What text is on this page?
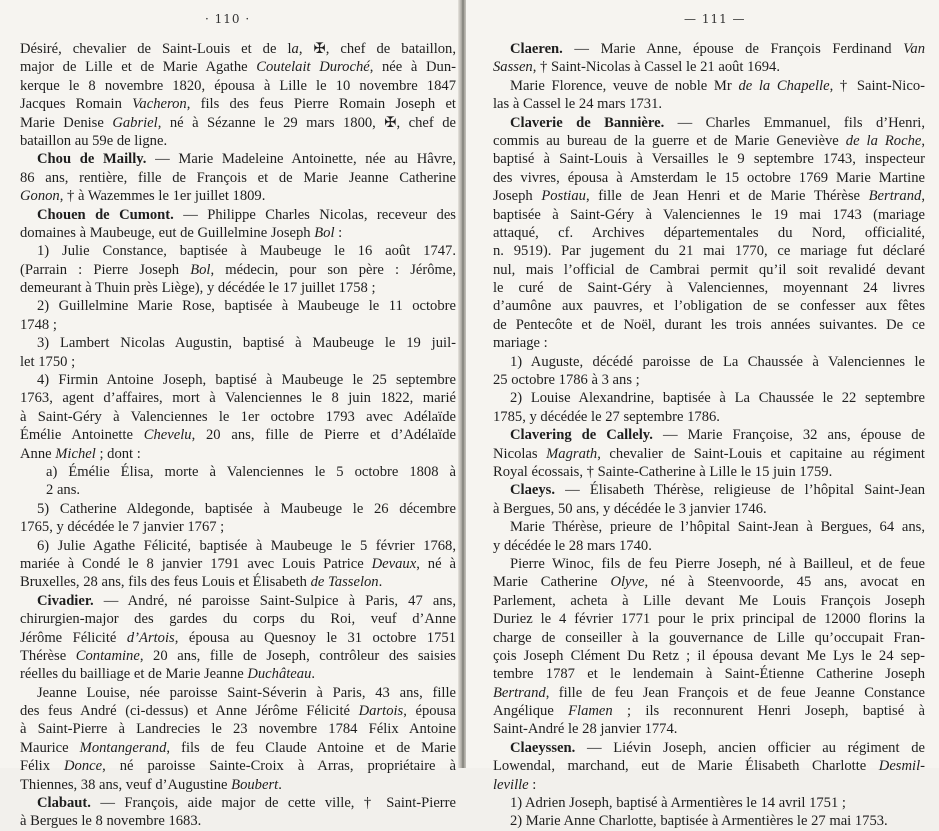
· 110 ·
Désiré, chevalier de Saint-Louis et de la, ✠, chef de bataillon,
major de Lille et de Marie Agathe Coutelait Duroché, née à Dun-
kerque le 8 novembre 1820, épousa à Lille le 10 novembre 1847
Jacques Romain Vacheron, fils des feus Pierre Romain Joseph et
Marie Denise Gabriel, né à Sézanne le 29 mars 1800, ✠, chef de
bataillon au 59e de ligne.
Chou de Mailly. — Marie Madeleine Antoinette, née au Hâvre,
86 ans, rentière, fille de François et de Marie Jeanne Catherine
Gonon, † à Wazemmes le 1er juillet 1809.
Chouen de Cumont. — Philippe Charles Nicolas, receveur des
domaines à Maubeuge, eut de Guillelmine Joseph Bol :
1) Julie Constance, baptisée à Maubeuge le 16 août 1747.
(Parrain : Pierre Joseph Bol, médecin, pour son père : Jérôme,
demeurant à Thuin près Liège), y décédée le 17 juillet 1758 ;
2) Guillelmine Marie Rose, baptisée à Maubeuge le 11 octobre
1748 ;
3) Lambert Nicolas Augustin, baptisé à Maubeuge le 19 juil-
let 1750 ;
4) Firmin Antoine Joseph, baptisé à Maubeuge le 25 septembre
1763, agent d’affaires, mort à Valenciennes le 8 juin 1822, marié
à Saint-Géry à Valenciennes le 1er octobre 1793 avec Adélaïde
Émélie Antoinette Chevelu, 20 ans, fille de Pierre et d’Adélaïde
Anne Michel ; dont :
a) Émélie Élisa, morte à Valenciennes le 5 octobre 1808 à
2 ans.
5) Catherine Aldegonde, baptisée à Maubeuge le 26 décembre
1765, y décédée le 7 janvier 1767 ;
6) Julie Agathe Félicité, baptisée à Maubeuge le 5 février 1768,
mariée à Condé le 8 janvier 1791 avec Louis Patrice Devaux, né à
Bruxelles, 28 ans, fils des feus Louis et Élisabeth de Tasselon.
Civadier. — André, né paroisse Saint-Sulpice à Paris, 47 ans,
chirurgien-major des gardes du corps du Roi, veuf d’Anne
Jérôme Félicité d’Artois, épousa au Quesnoy le 31 octobre 1751
Thérèse Contamine, 20 ans, fille de Joseph, contrôleur des saisies
réelles du bailliage et de Marie Jeanne Duchâteau.
Jeanne Louise, née paroisse Saint-Séverin à Paris, 43 ans, fille
des feus André (ci-dessus) et Anne Jérôme Félicité Dartois, épousa
à Saint-Pierre à Landrecies le 23 novembre 1784 Félix Antoine
Maurice Montangerand, fils de feu Claude Antoine et de Marie
Félix Donce, né paroisse Sainte-Croix à Arras, propriétaire à
Thiennes, 38 ans, veuf d’Augustine Boubert.
Clabaut. — François, aide major de cette ville, † Saint-Pierre
à Bergues le 8 novembre 1683.
— 111 —
Claeren. — Marie Anne, épouse de François Ferdinand Van
Sassen, † Saint-Nicolas à Cassel le 21 août 1694.
Marie Florence, veuve de noble Mr de la Chapelle, † Saint-Nico-
las à Cassel le 24 mars 1731.
Claverie de Bannière. — Charles Emmanuel, fils d’Henri,
commis au bureau de la guerre et de Marie Geneviève de la Roche,
baptisé à Saint-Louis à Versailles le 9 septembre 1743, inspecteur
des vivres, épousa à Amsterdam le 15 octobre 1769 Marie Martine
Joseph Postiau, fille de Jean Henri et de Marie Thérèse Bertrand,
baptisée à Saint-Géry à Valenciennes le 19 mai 1743 (mariage
attaqué, cf. Archives départementales du Nord, officialité,
n. 9519). Par jugement du 21 mai 1770, ce mariage fut déclaré
nul, mais l’official de Cambrai permit qu’il soit revalidé devant
le curé de Saint-Géry à Valenciennes, moyennant 24 livres
d’aumône aux pauvres, et l’obligation de se confesser aux fêtes
de Pentecôte et de Noël, durant les trois années suivantes. De ce
mariage :
1) Auguste, décédé paroisse de La Chaussée à Valenciennes le
25 octobre 1786 à 3 ans ;
2) Louise Alexandrine, baptisée à La Chaussée le 22 septembre
1785, y décédée le 27 septembre 1786.
Clavering de Callely. — Marie Françoise, 32 ans, épouse de
Nicolas Magrath, chevalier de Saint-Louis et capitaine au régiment
Royal écossais, † Sainte-Catherine à Lille le 15 juin 1759.
Claeys. — Élisabeth Thérèse, religieuse de l’hôpital Saint-Jean
à Bergues, 50 ans, y décédée le 3 janvier 1746.
Marie Thérèse, prieure de l’hôpital Saint-Jean à Bergues, 64 ans,
y décédée le 28 mars 1740.
Pierre Winoc, fils de feu Pierre Joseph, né à Bailleul, et de feue
Marie Catherine Olyve, né à Steenvoorde, 45 ans, avocat en
Parlement, acheta à Lille devant Me Louis François Joseph
Duriez le 4 février 1771 pour le prix principal de 12000 florins la
charge de conseiller à la gouvernance de Lille qu’occupait Fran-
çois Joseph Clément Du Retz ; il épousa devant Me Lys le 24 sep-
tembre 1787 et le lendemain à Saint-Étienne Catherine Joseph
Bertrand, fille de feu Jean François et de feue Jeanne Constance
Angélique Flamen ; ils reconnurent Henri Joseph, baptisé à
Saint-André le 28 janvier 1774.
Claeyssen. — Liévin Joseph, ancien officier au régiment de
Lowendal, marchand, eut de Marie Élisabeth Charlotte Desmil-
leville :
1) Adrien Joseph, baptisé à Armentières le 14 avril 1751 ;
2) Marie Anne Charlotte, baptisée à Armentières le 27 mai 1753.
